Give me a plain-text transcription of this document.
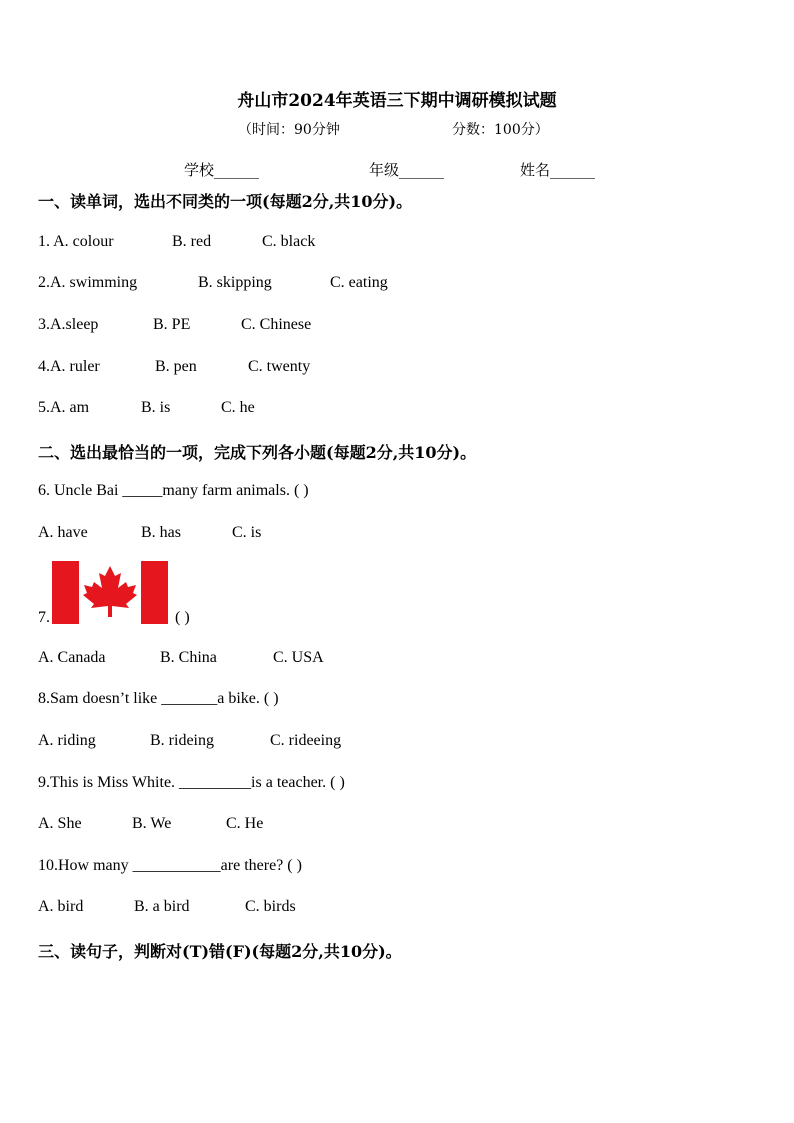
舟山市2024年英语三下期中调研模拟试题
（时间：90分钟	分数：100分）
学校______	年级______	姓名______
一、读单词，选出不同类的一项(每题2分,共10分)。
1. A. colour	B. red	C. black
2.A. swimming	B. skipping	C. eating
3.A.sleep	B. PE	C. Chinese
4.A. ruler	B. pen	C. twenty
5.A. am	B. is	C. he
二、选出最恰当的一项，完成下列各小题(每题2分,共10分)。
6. Uncle Bai _____many farm animals. ( )
A. have	B. has	C. is
7.	( )
A. Canada	B. China	C. USA
8.Sam doesn’t like _______a bike. ( )
A. riding	B. rideing	C. rideeing
9.This is Miss White. _________is a teacher. ( )
A. She	B. We	C. He
10.How many ___________are there? ( )
A. bird	B. a bird	C. birds
三、读句子，判断对(T)错(F)(每题2分,共10分)。
